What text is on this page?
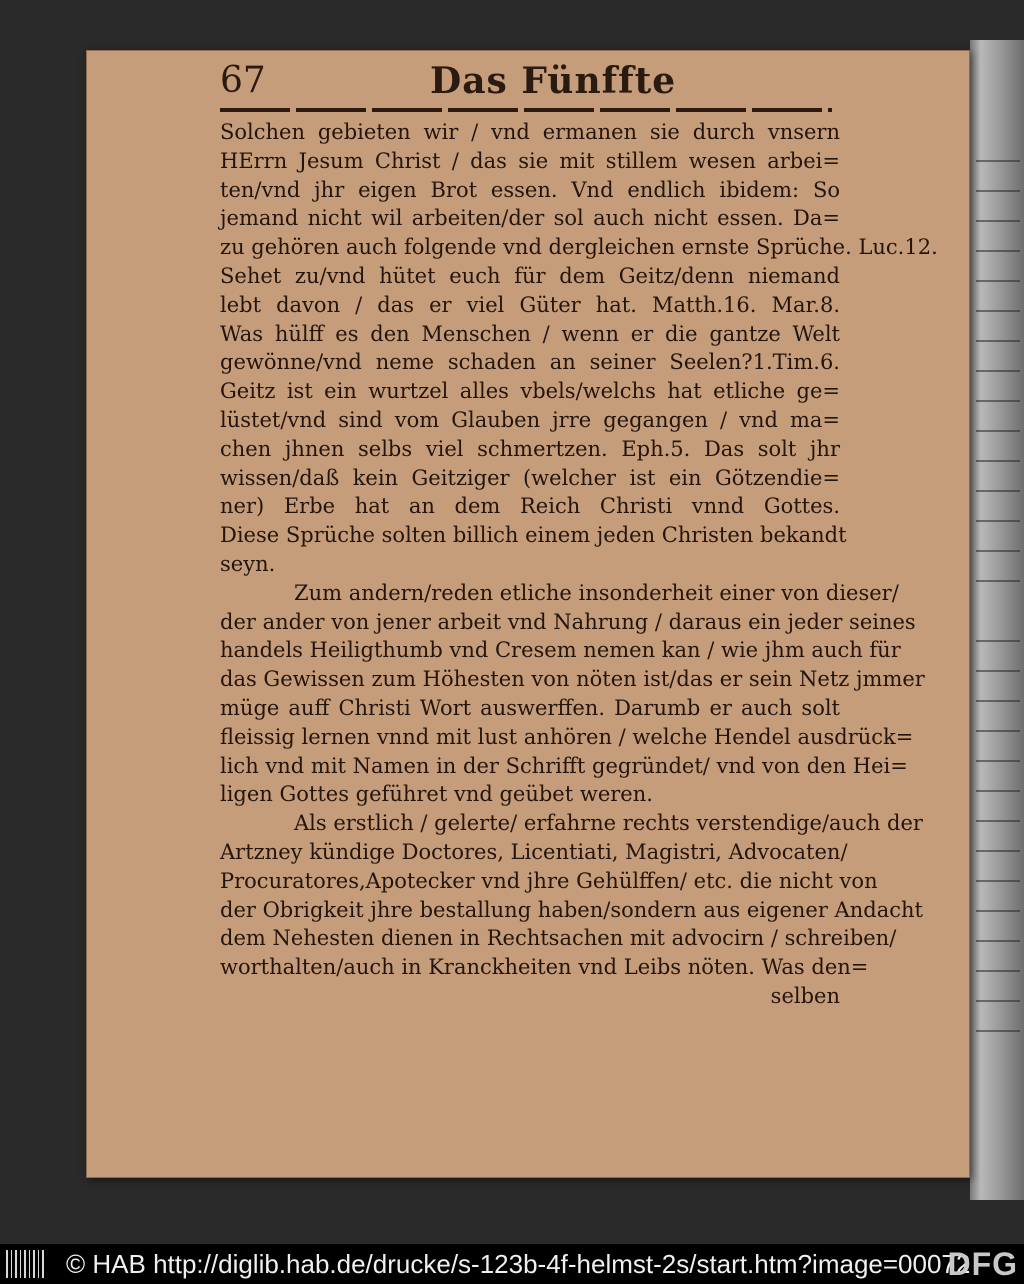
67	Das Fünffte
Solchen gebieten wir / vnd ermanen sie durch vnsern
HErrn Jesum Christ / das sie mit stillem wesen arbei=
ten/vnd jhr eigen Brot essen. Vnd endlich ibidem: So
jemand nicht wil arbeiten/der sol auch nicht essen. Da=
zu gehören auch folgende vnd dergleichen ernste Sprüche. Luc.12.
Sehet zu/vnd hütet euch für dem Geitz/denn niemand
lebt davon / das er viel Güter hat. Matth.16. Mar.8.
Was hülff es den Menschen / wenn er die gantze Welt
gewönne/vnd neme schaden an seiner Seelen?1.Tim.6.
Geitz ist ein wurtzel alles vbels/welchs hat etliche ge=
lüstet/vnd sind vom Glauben jrre gegangen / vnd ma=
chen jhnen selbs viel schmertzen. Eph.5. Das solt jhr
wissen/daß kein Geitziger (welcher ist ein Götzendie=
ner) Erbe hat an dem Reich Christi vnnd Gottes.
Diese Sprüche solten billich einem jeden Christen bekandt
seyn.
Zum andern/reden etliche insonderheit einer von dieser/
der ander von jener arbeit vnd Nahrung / daraus ein jeder seines
handels Heiligthumb vnd Cresem nemen kan / wie jhm auch für
das Gewissen zum Höhesten von nöten ist/das er sein Netz jmmer
müge auff Christi Wort auswerffen. Darumb er auch solt
fleissig lernen vnnd mit lust anhören / welche Hendel ausdrück=
lich vnd mit Namen in der Schrifft gegründet/ vnd von den Hei=
ligen Gottes geführet vnd geübet weren.
Als erstlich / gelerte/ erfahrne rechts verstendige/auch der
Artzney kündige Doctores, Licentiati, Magistri, Advocaten/
Procuratores,Apotecker vnd jhre Gehülffen/ etc. die nicht von
der Obrigkeit jhre bestallung haben/sondern aus eigener Andacht
dem Nehesten dienen in Rechtsachen mit advocirn / schreiben/
worthalten/auch in Kranckheiten vnd Leibs nöten. Was den=
selben
© HAB http://diglib.hab.de/drucke/s-123b-4f-helmst-2s/start.htm?image=00072
DFG
